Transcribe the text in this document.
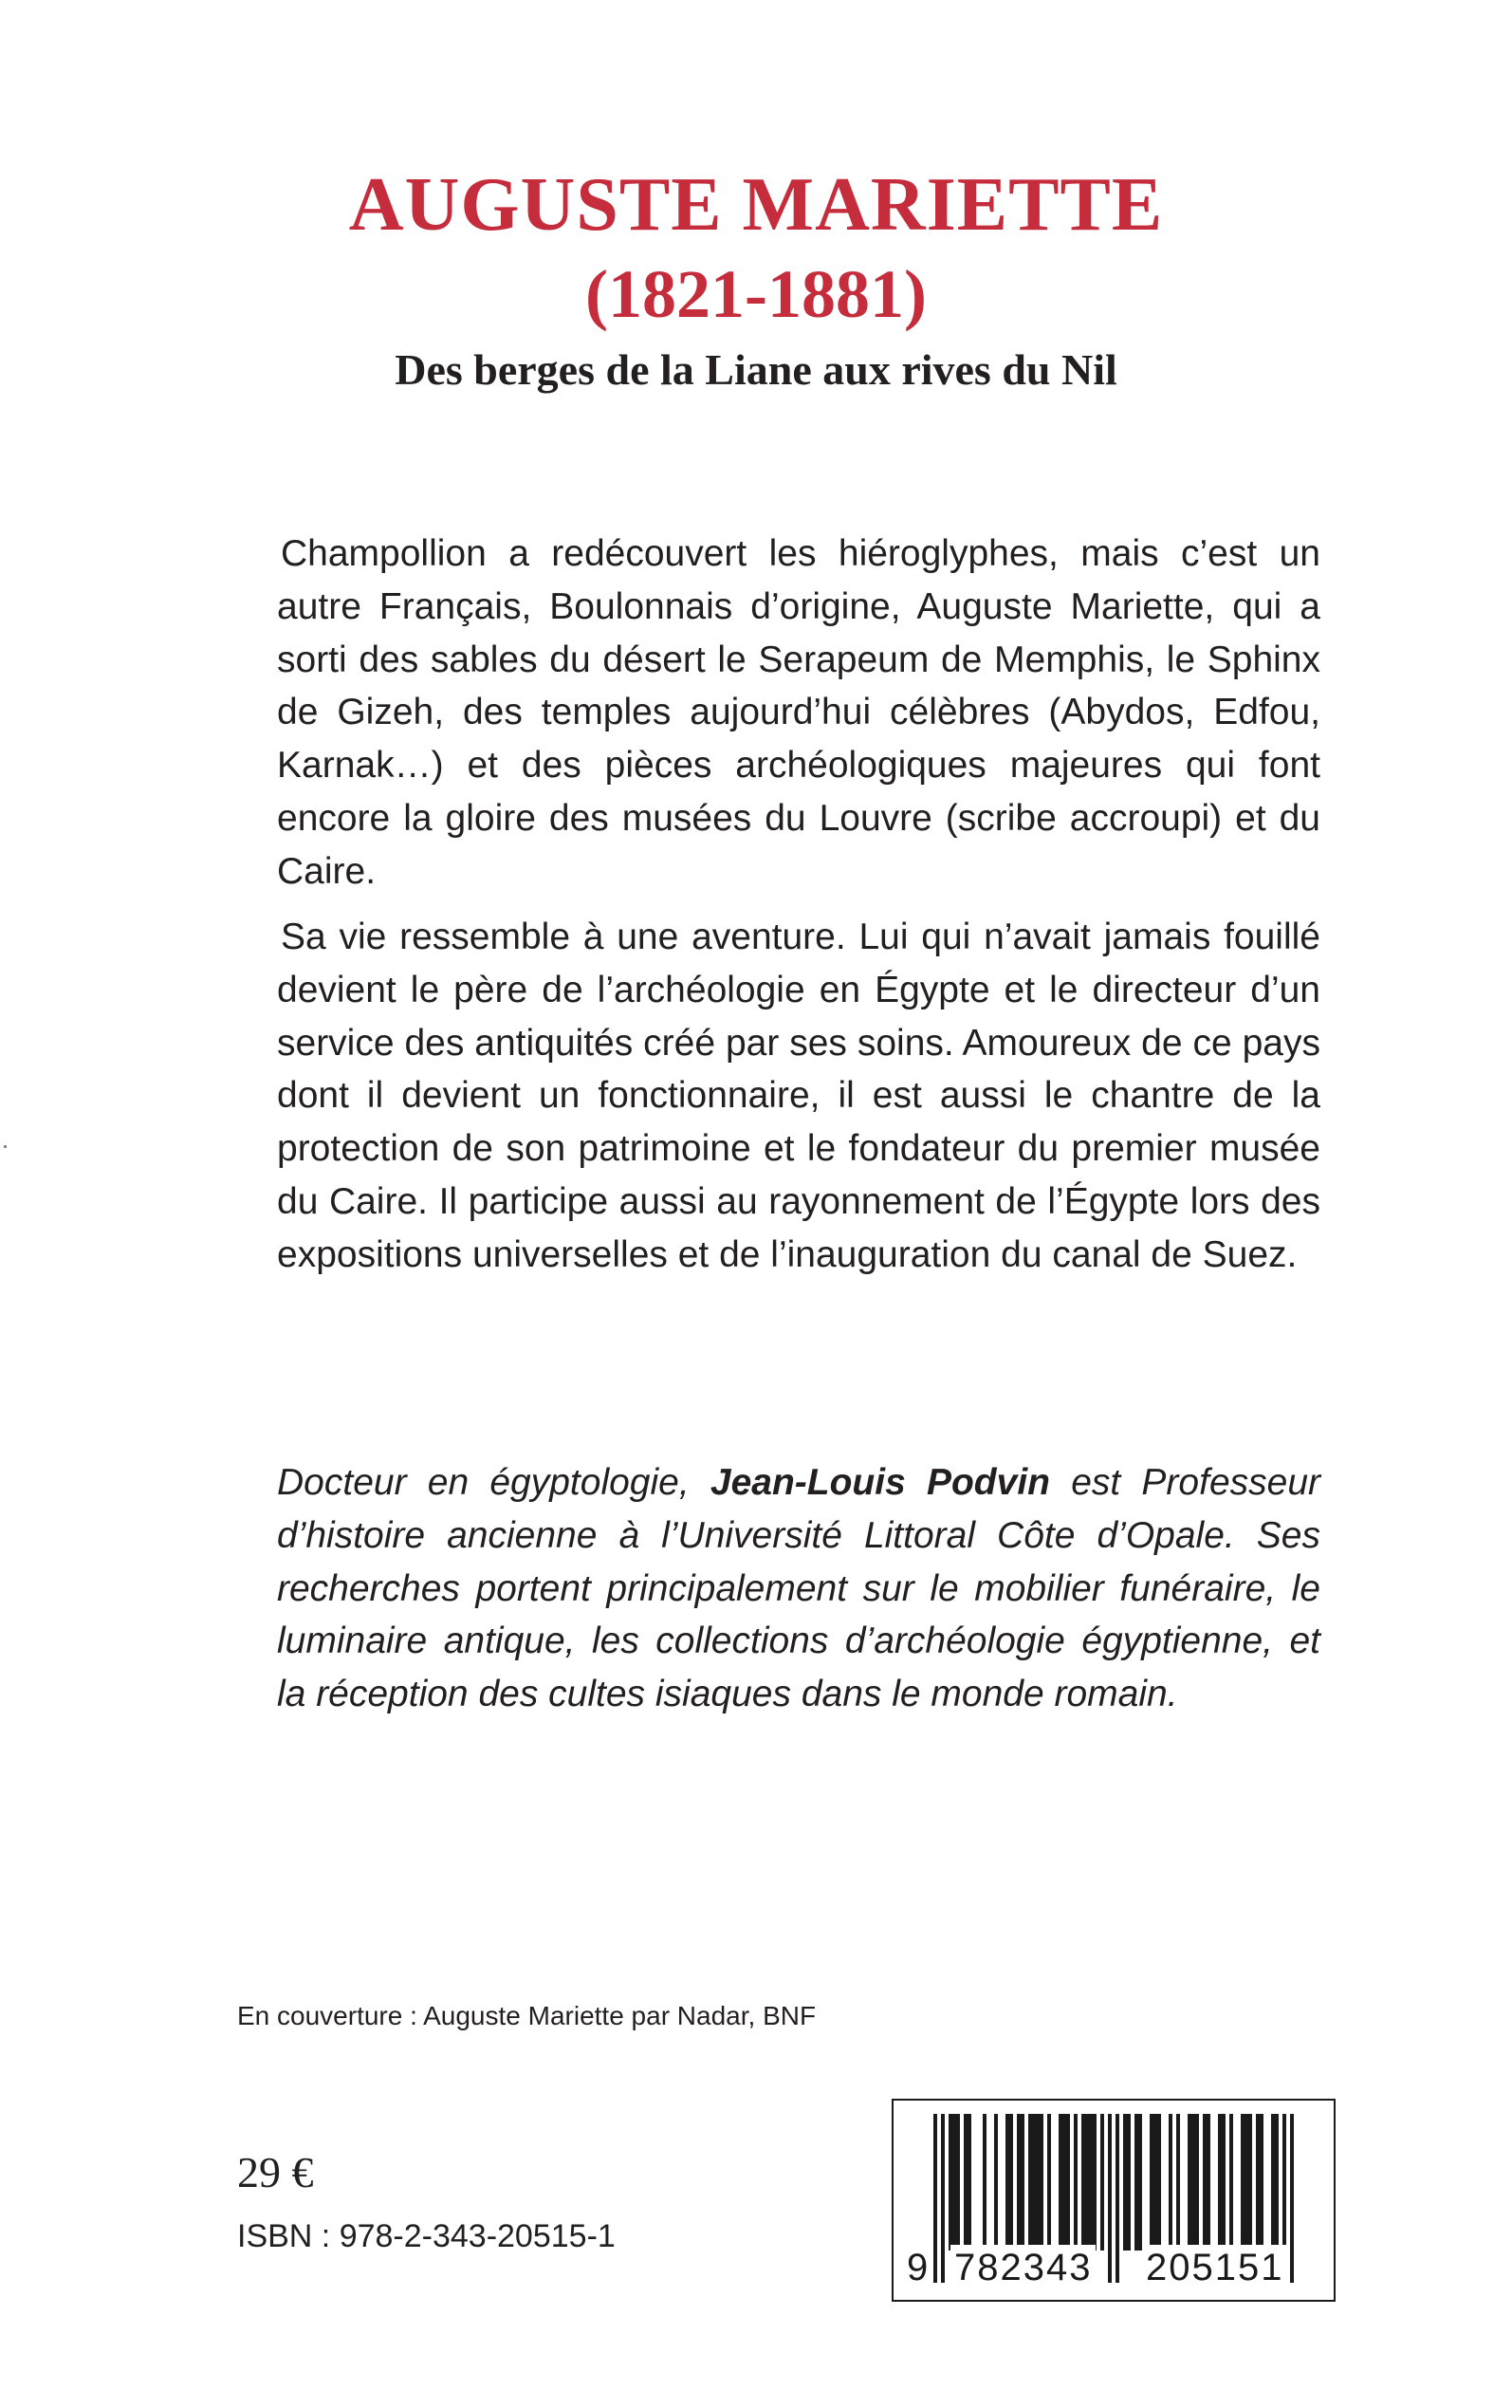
AUGUSTE MARIETTE
(1821-1881)
Des berges de la Liane aux rives du Nil

Champollion a redécouvert les hiéroglyphes, mais c’est un autre Français, Boulonnais d’origine, Auguste Mariette, qui a sorti des sables du désert le Serapeum de Memphis, le Sphinx de Gizeh, des temples aujourd’hui célèbres (Abydos, Edfou, Karnak…) et des pièces archéologiques majeures qui font encore la gloire des musées du Louvre (scribe accroupi) et du Caire.

Sa vie ressemble à une aventure. Lui qui n’avait jamais fouillé devient le père de l’archéologie en Égypte et le directeur d’un service des antiquités créé par ses soins. Amoureux de ce pays dont il devient un fonctionnaire, il est aussi le chantre de la protection de son patrimoine et le fondateur du premier musée du Caire. Il participe aussi au rayonnement de l’Égypte lors des expositions universelles et de l’inauguration du canal de Suez.

Docteur en égyptologie, Jean-Louis Podvin est Professeur d’histoire ancienne à l’Université Littoral Côte d’Opale. Ses recherches portent principalement sur le mobilier funéraire, le luminaire antique, les collections d’archéologie égyptienne, et la réception des cultes isiaques dans le monde romain.

En couverture : Auguste Mariette par Nadar, BNF
29 €
ISBN : 978-2-343-20515-1
9 782343 205151
